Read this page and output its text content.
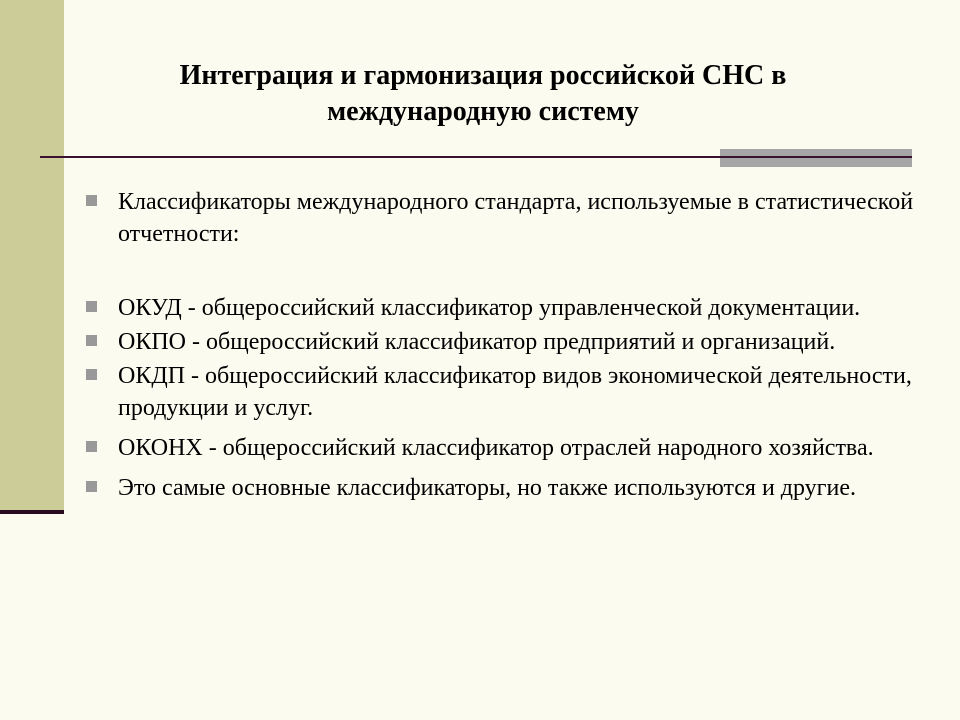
Интеграция и гармонизация российской СНС в
международную систему
Классификаторы международного стандарта, используемые в статистической отчетности:
ОКУД - общероссийский классификатор управленческой документации.
ОКПО - общероссийский классификатор предприятий и организаций.
ОКДП - общероссийский классификатор видов экономической деятельности, продукции и услуг.
ОКОНХ - общероссийский классификатор отраслей народного хозяйства.
Это самые основные классификаторы, но также используются и другие.
